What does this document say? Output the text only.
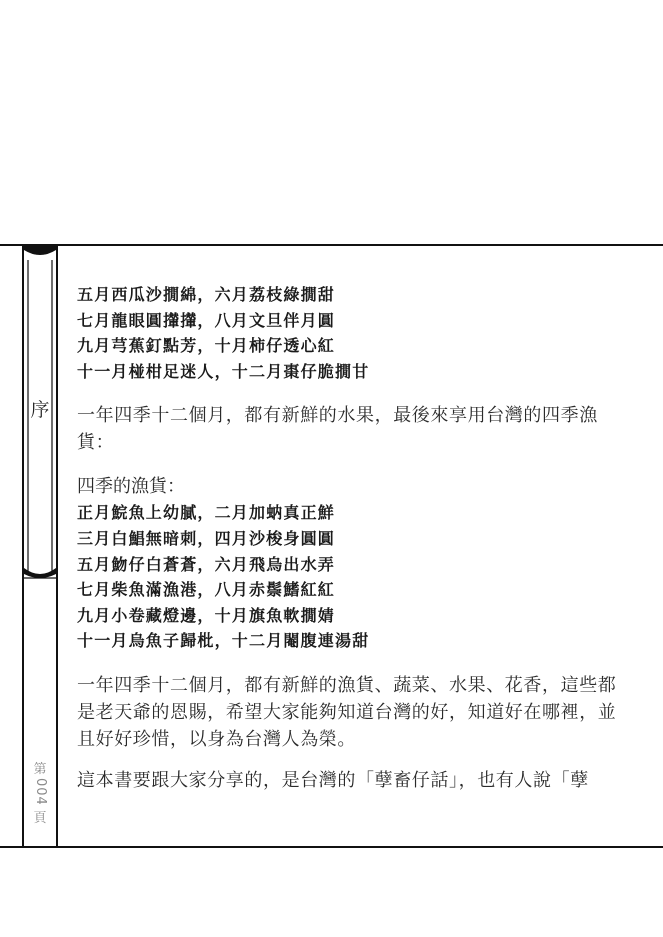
序
第
004
頁
五月西瓜沙撊綿，六月荔枝綠撊甜
七月龍眼圓攆攆，八月文旦伴月圓
九月芎蕉釘點芳，十月柿仔透心紅
十一月椪柑足迷人，十二月棗仔脆撊甘

一年四季十二個月，都有新鮮的水果，最後來享用台灣的四季漁貨：

四季的漁貨：

正月鯇魚上幼膩，二月加蚋真正鮮
三月白鯧無暗刺，四月沙梭身圓圓
五月魩仔白蒼蒼，六月飛烏出水弄
七月柴魚滿漁港，八月赤鬃鰭紅紅
九月小卷藏燈邊，十月旗魚軟撊婧
十一月烏魚子歸枇，十二月閹腹連湯甜

一年四季十二個月，都有新鮮的漁貨、蔬菜、水果、花香，這些都是老天爺的恩賜，希望大家能夠知道台灣的好，知道好在哪裡，並且好好珍惜，以身為台灣人為榮。

這本書要跟大家分享的，是台灣的「孽畜仔話」，也有人說「孽
